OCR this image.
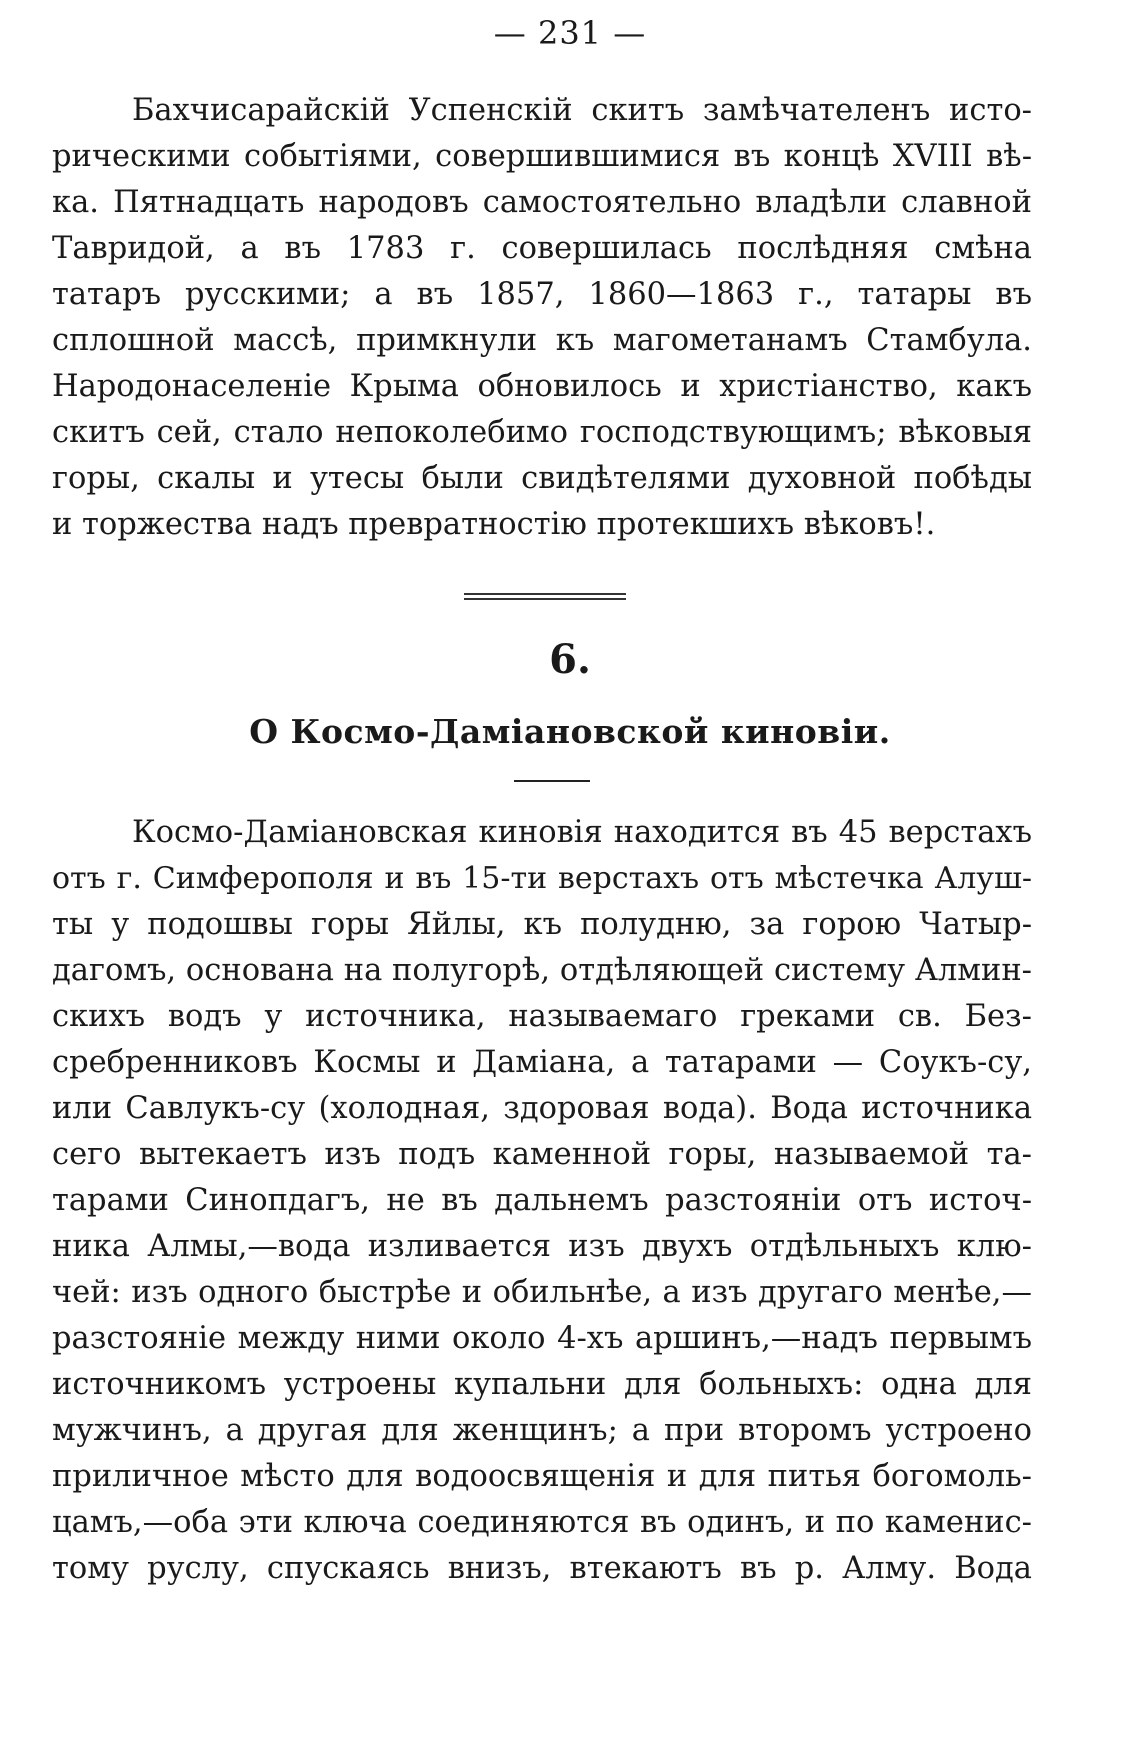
— 231 —
Бахчисарайскій Успенскій скитъ замѣчателенъ исто-
рическими событіями, совершившимися въ концѣ XVIII вѣ-
ка. Пятнадцать народовъ самостоятельно владѣли славной
Тавридой, а въ 1783 г. совершилась послѣдняя смѣна
татаръ русскими; а въ 1857, 1860—1863 г., татары въ
сплошной массѣ, примкнули къ магометанамъ Стамбула.
Народонаселеніе Крыма обновилось и христіанство, какъ
скитъ сей, стало непоколебимо господствующимъ; вѣковыя
горы, скалы и утесы были свидѣтелями духовной побѣды
и торжества надъ превратностію протекшихъ вѣковъ!.
6.
О Космо-Даміановской киновіи.
Космо-Даміановская киновія находится въ 45 верстахъ
отъ г. Симферополя и въ 15-ти верстахъ отъ мѣстечка Алуш-
ты у подошвы горы Яйлы, къ полудню, за горою Чатыр-
дагомъ, основана на полугорѣ, отдѣляющей систему Алмин-
скихъ водъ у источника, называемаго греками св. Без-
сребренниковъ Космы и Даміана, а татарами — Соукъ-су,
или Савлукъ-су (холодная, здоровая вода). Вода источника
сего вытекаетъ изъ подъ каменной горы, называемой та-
тарами Синопдагъ, не въ дальнемъ разстояніи отъ источ-
ника Алмы,—вода изливается изъ двухъ отдѣльныхъ клю-
чей: изъ одного быстрѣе и обильнѣе, а изъ другаго менѣе,—
разстояніе между ними около 4-хъ аршинъ,—надъ первымъ
источникомъ устроены купальни для больныхъ: одна для
мужчинъ, а другая для женщинъ; а при второмъ устроено
приличное мѣсто для водоосвященія и для питья богомоль-
цамъ,—оба эти ключа соединяются въ одинъ, и по каменис-
тому руслу, спускаясь внизъ, втекаютъ въ р. Алму. Вода
